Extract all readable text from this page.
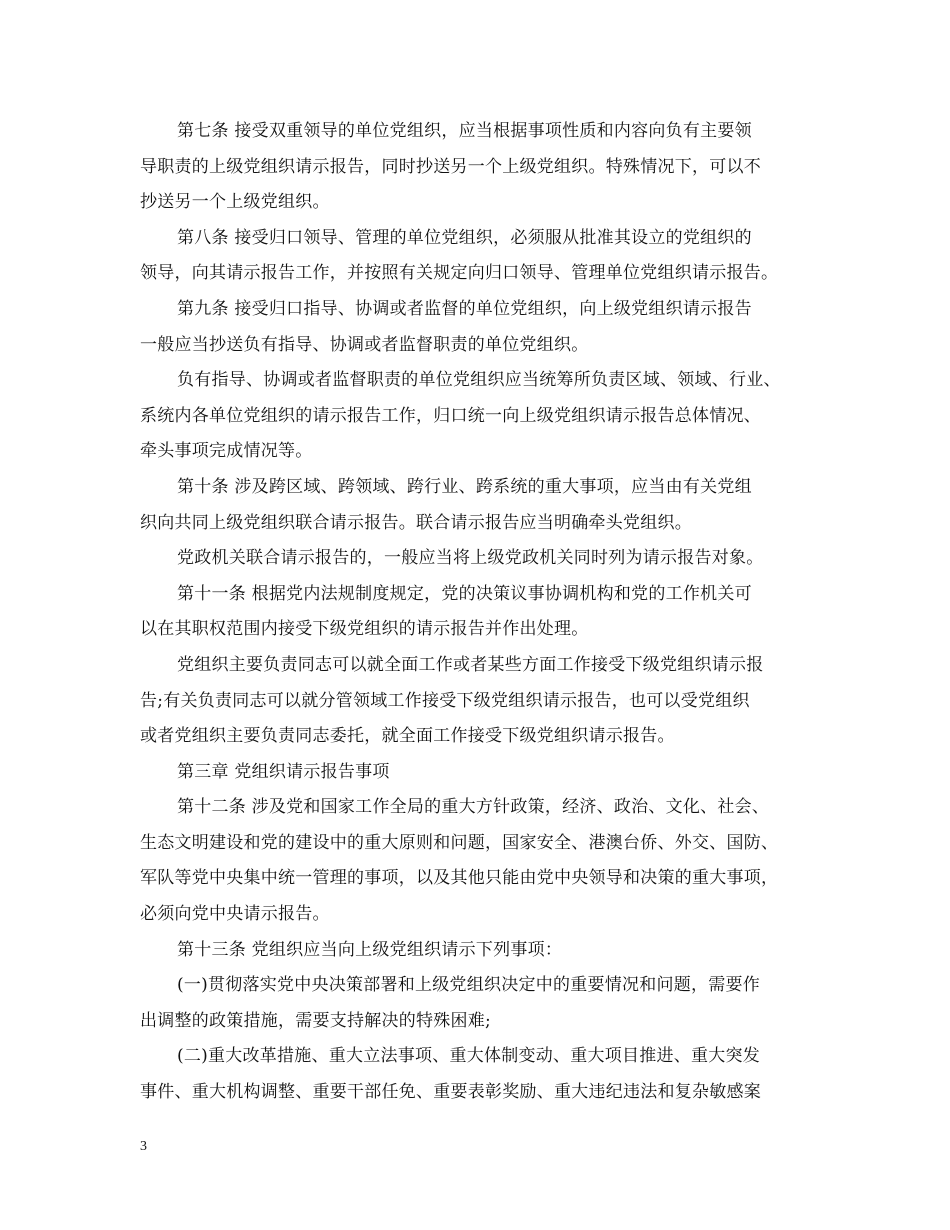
第七条 接受双重领导的单位党组织，应当根据事项性质和内容向负有主要领
导职责的上级党组织请示报告，同时抄送另一个上级党组织。特殊情况下，可以不
抄送另一个上级党组织。
第八条 接受归口领导、管理的单位党组织，必须服从批准其设立的党组织的
领导，向其请示报告工作，并按照有关规定向归口领导、管理单位党组织请示报告。
第九条 接受归口指导、协调或者监督的单位党组织，向上级党组织请示报告
一般应当抄送负有指导、协调或者监督职责的单位党组织。
负有指导、协调或者监督职责的单位党组织应当统筹所负责区域、领域、行业、
系统内各单位党组织的请示报告工作，归口统一向上级党组织请示报告总体情况、
牵头事项完成情况等。
第十条 涉及跨区域、跨领域、跨行业、跨系统的重大事项，应当由有关党组
织向共同上级党组织联合请示报告。联合请示报告应当明确牵头党组织。
党政机关联合请示报告的，一般应当将上级党政机关同时列为请示报告对象。
第十一条 根据党内法规制度规定，党的决策议事协调机构和党的工作机关可
以在其职权范围内接受下级党组织的请示报告并作出处理。
党组织主要负责同志可以就全面工作或者某些方面工作接受下级党组织请示报
告;有关负责同志可以就分管领域工作接受下级党组织请示报告，也可以受党组织
或者党组织主要负责同志委托，就全面工作接受下级党组织请示报告。
第三章 党组织请示报告事项
第十二条 涉及党和国家工作全局的重大方针政策，经济、政治、文化、社会、
生态文明建设和党的建设中的重大原则和问题，国家安全、港澳台侨、外交、国防、
军队等党中央集中统一管理的事项，以及其他只能由党中央领导和决策的重大事项，
必须向党中央请示报告。
第十三条 党组织应当向上级党组织请示下列事项：
(一)贯彻落实党中央决策部署和上级党组织决定中的重要情况和问题，需要作
出调整的政策措施，需要支持解决的特殊困难;
(二)重大改革措施、重大立法事项、重大体制变动、重大项目推进、重大突发
事件、重大机构调整、重要干部任免、重要表彰奖励、重大违纪违法和复杂敏感案
3
